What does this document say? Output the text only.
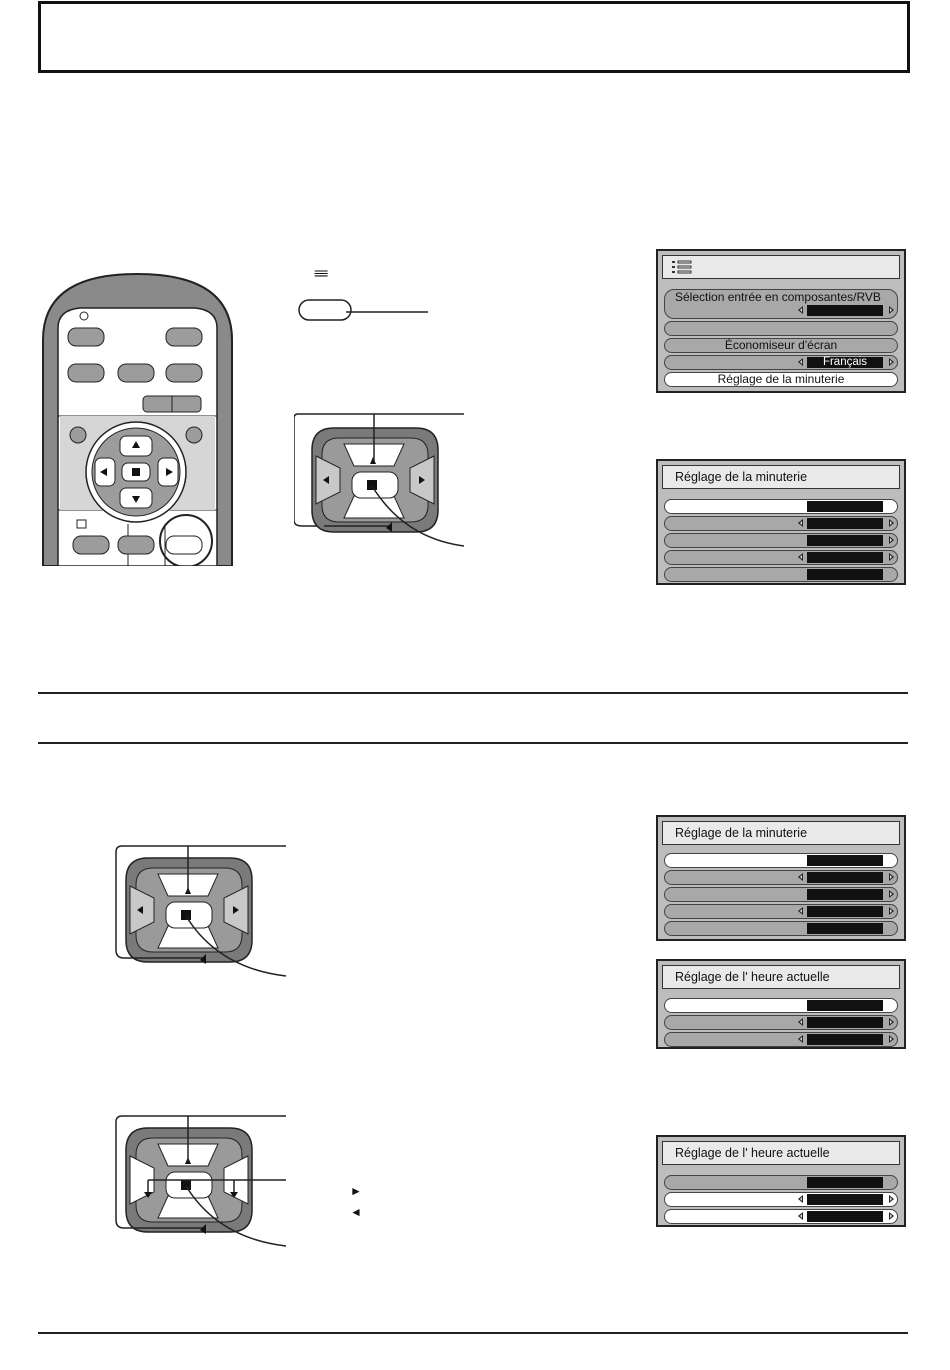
≡≡
Sélection entrée en composantes/RVB
Économiseur d'écran
Français
Réglage de la minuterie
Réglage de la minuterie
Réglage de la minuterie
Réglage de l' heure actuelle
►
◄
Réglage de l' heure actuelle
